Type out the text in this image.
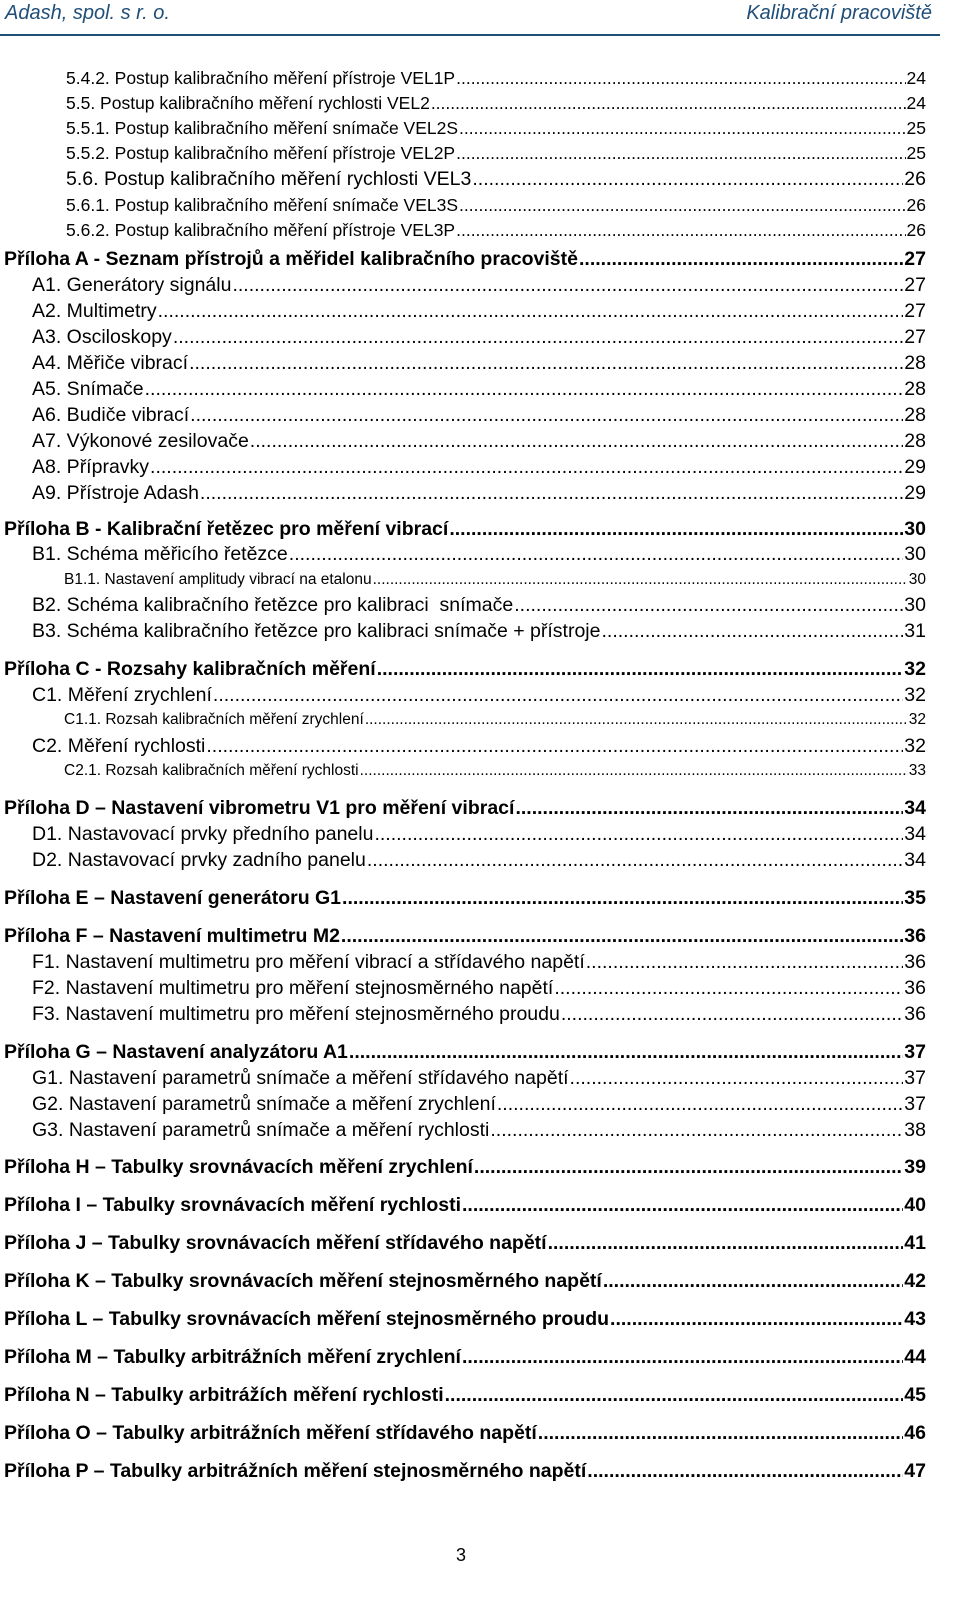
Adash, spol. s r. o.	Kalibrační pracoviště
5.4.2. Postup kalibračního měření přístroje VEL1P .....	24
5.5. Postup kalibračního měření rychlosti VEL2 .....	24
5.5.1. Postup kalibračního měření snímače VEL2S .....	25
5.5.2. Postup kalibračního měření přístroje VEL2P .....	25
5.6. Postup kalibračního měření rychlosti VEL3 .....	26
5.6.1. Postup kalibračního měření snímače VEL3S .....	26
5.6.2. Postup kalibračního měření přístroje VEL3P .....	26
Příloha A - Seznam přístrojů a měřidel kalibračního pracoviště .....	27
A1. Generátory signálu .....	27
A2. Multimetry .....	27
A3. Osciloskopy .....	27
A4. Měřiče vibrací .....	28
A5. Snímače .....	28
A6. Budiče vibrací .....	28
A7. Výkonové zesilovače .....	28
A8. Přípravky .....	29
A9. Přístroje Adash .....	29
Příloha B - Kalibrační řetězec pro měření vibrací .....	30
B1. Schéma měřicího řetězce .....	30
B1.1. Nastavení amplitudy vibrací na etalonu .....	30
B2. Schéma kalibračního řetězce pro kalibraci  snímače .....	30
B3. Schéma kalibračního řetězce pro kalibraci snímače + přístroje .....	31
Příloha C - Rozsahy kalibračních měření .....	32
C1. Měření zrychlení .....	32
C1.1. Rozsah kalibračních měření zrychlení .....	32
C2. Měření rychlosti .....	32
C2.1. Rozsah kalibračních měření rychlosti .....	33
Příloha D – Nastavení vibrometru V1 pro měření vibrací .....	34
D1. Nastavovací prvky předního panelu .....	34
D2. Nastavovací prvky zadního panelu .....	34
Příloha E – Nastavení generátoru G1 .....	35
Příloha F – Nastavení multimetru M2 .....	36
F1. Nastavení multimetru pro měření vibrací a střídavého napětí .....	36
F2. Nastavení multimetru pro měření stejnosměrného napětí .....	36
F3. Nastavení multimetru pro měření stejnosměrného proudu .....	36
Příloha G – Nastavení analyzátoru A1 .....	37
G1. Nastavení parametrů snímače a měření střídavého napětí .....	37
G2. Nastavení parametrů snímače a měření zrychlení .....	37
G3. Nastavení parametrů snímače a měření rychlosti .....	38
Příloha H – Tabulky srovnávacích měření zrychlení .....	39
Příloha I – Tabulky srovnávacích měření rychlosti .....	40
Příloha J – Tabulky srovnávacích měření střídavého napětí .....	41
Příloha K – Tabulky srovnávacích měření stejnosměrného napětí .....	42
Příloha L – Tabulky srovnávacích měření stejnosměrného proudu .....	43
Příloha M – Tabulky arbitrážních měření zrychlení .....	44
Příloha N – Tabulky arbitrážích měření rychlosti .....	45
Příloha O – Tabulky arbitrážních měření střídavého napětí .....	46
Příloha P – Tabulky arbitrážních měření stejnosměrného napětí .....	47
3
